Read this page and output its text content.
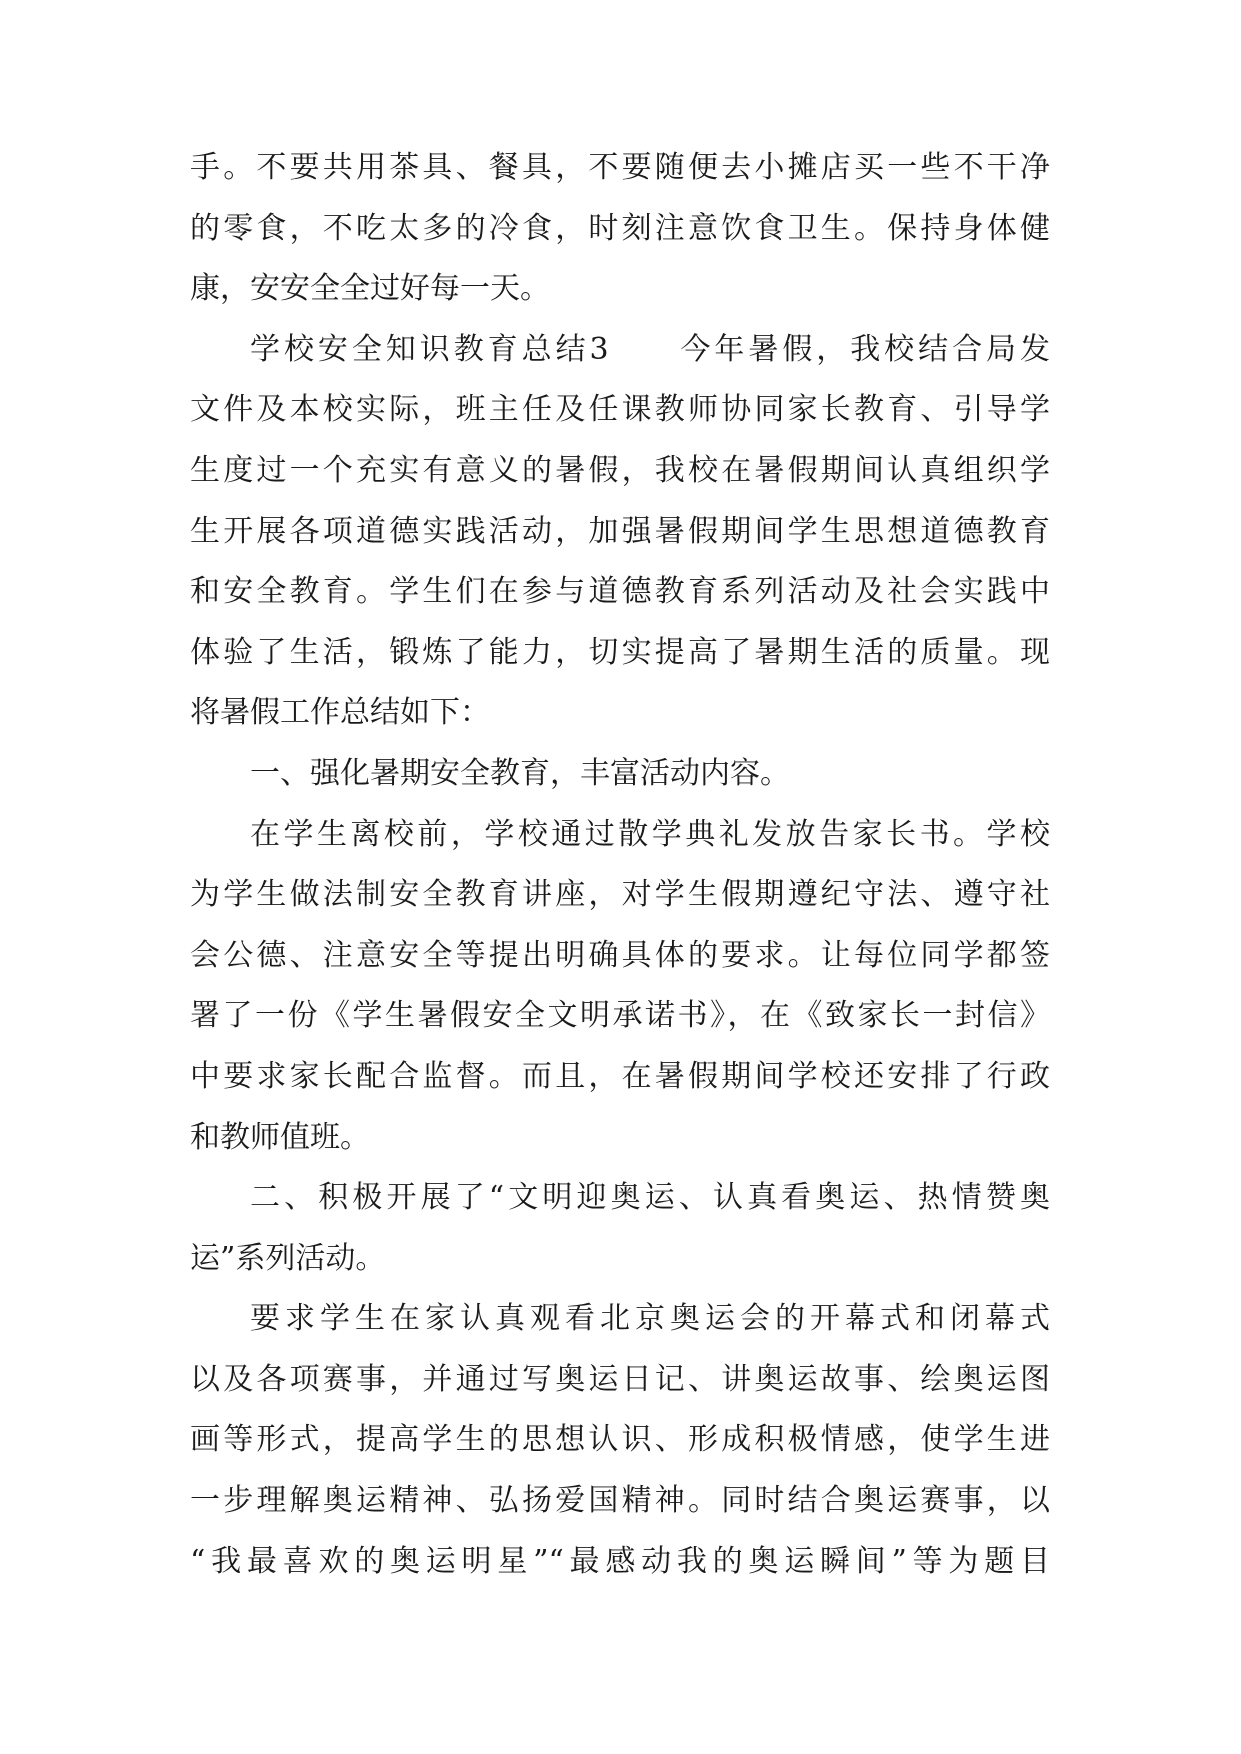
手。不要共用茶具、餐具，不要随便去小摊店买一些不干净
的零食，不吃太多的冷食，时刻注意饮食卫生。保持身体健
康，安安全全过好每一天。
学校安全知识教育总结3　　今年暑假，我校结合局发
文件及本校实际，班主任及任课教师协同家长教育、引导学
生度过一个充实有意义的暑假，我校在暑假期间认真组织学
生开展各项道德实践活动，加强暑假期间学生思想道德教育
和安全教育。学生们在参与道德教育系列活动及社会实践中
体验了生活，锻炼了能力，切实提高了暑期生活的质量。现
将暑假工作总结如下：
一、强化暑期安全教育，丰富活动内容。
在学生离校前，学校通过散学典礼发放告家长书。学校
为学生做法制安全教育讲座，对学生假期遵纪守法、遵守社
会公德、注意安全等提出明确具体的要求。让每位同学都签
署了一份《学生暑假安全文明承诺书》，在《致家长一封信》
中要求家长配合监督。而且，在暑假期间学校还安排了行政
和教师值班。
二、积极开展了“文明迎奥运、认真看奥运、热情赞奥
运”系列活动。
要求学生在家认真观看北京奥运会的开幕式和闭幕式
以及各项赛事，并通过写奥运日记、讲奥运故事、绘奥运图
画等形式，提高学生的思想认识、形成积极情感，使学生进
一步理解奥运精神、弘扬爱国精神。同时结合奥运赛事，以
“我最喜欢的奥运明星”“最感动我的奥运瞬间”等为题目
